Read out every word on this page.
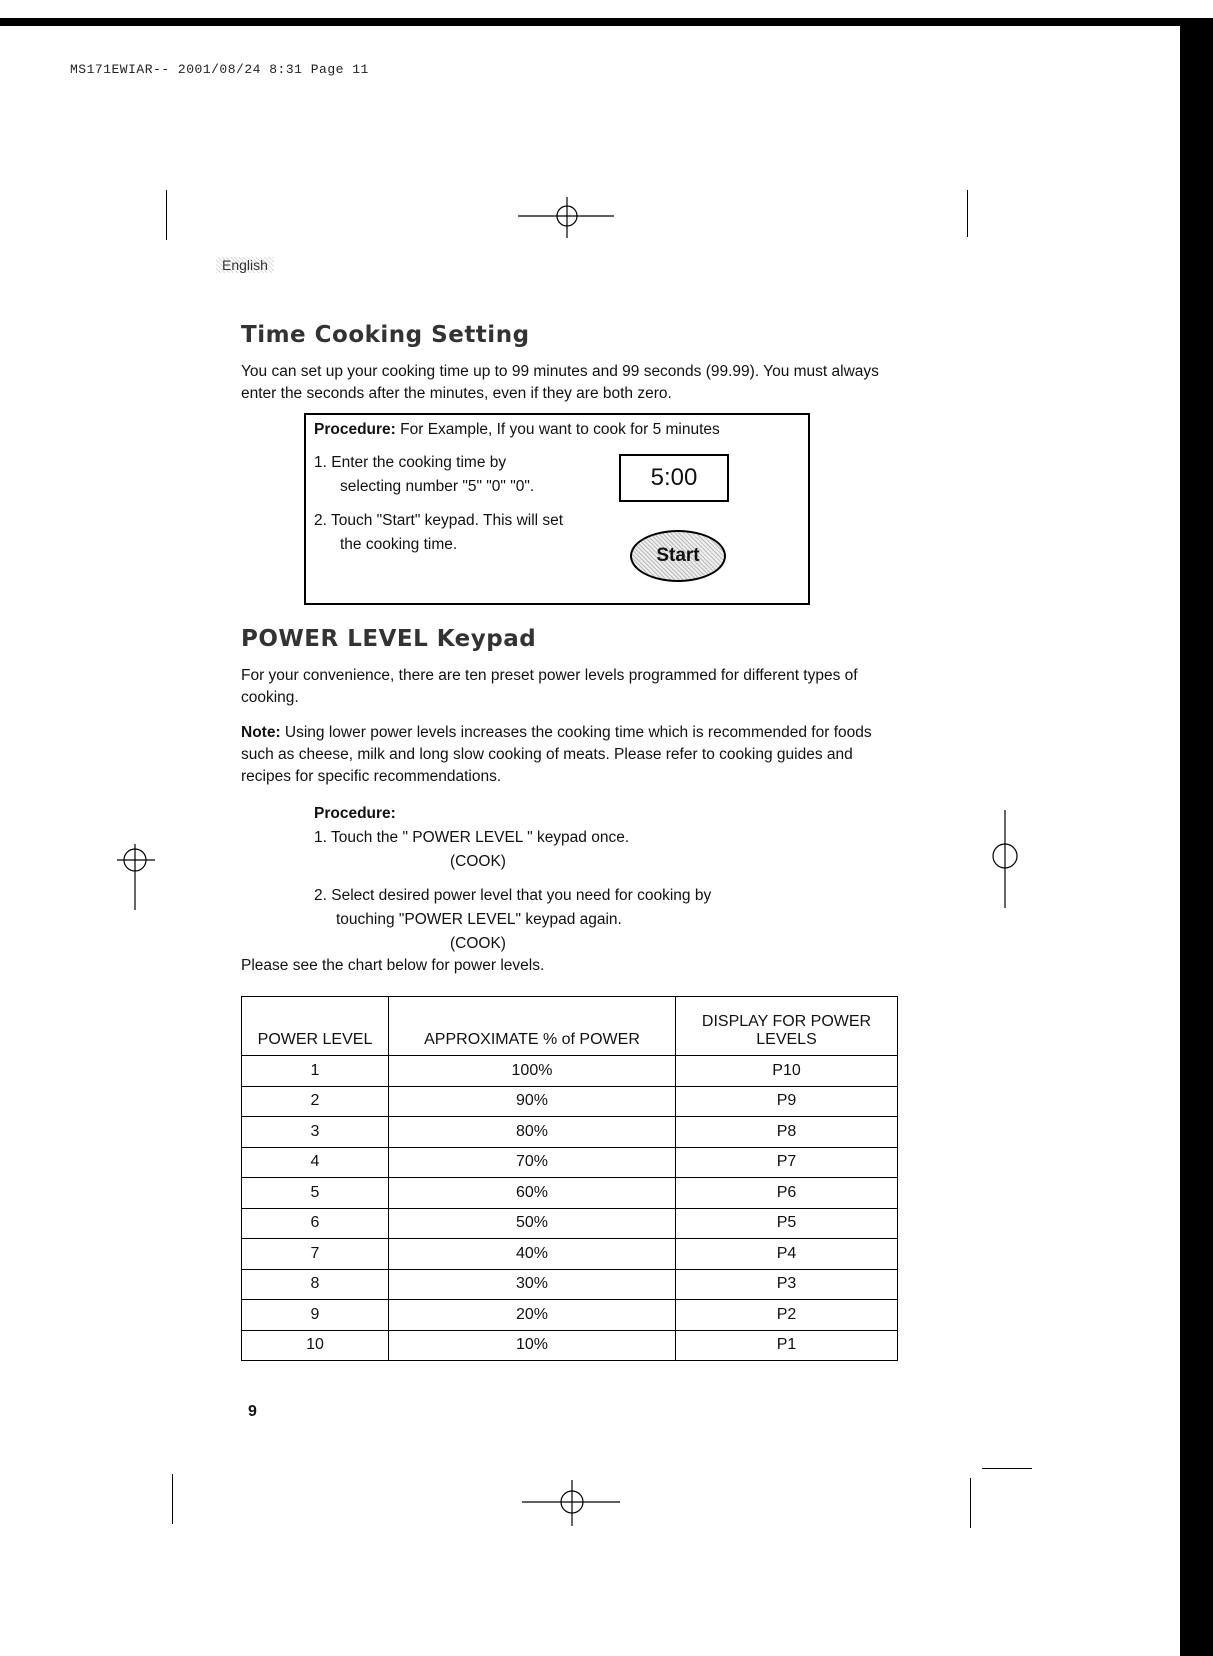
MS171EWIAR-- 2001/08/24 8:31 Page 11
English
Time Cooking Setting
You can set up your cooking time up to 99 minutes and 99 seconds (99.99). You must always enter the seconds after the minutes, even if they are both zero.
Procedure: For Example, If you want to cook for 5 minutes
1. Enter the cooking time by
selecting number "5" "0" "0".	5:00
2. Touch "Start" keypad. This will set
the cooking time.
Start
POWER LEVEL Keypad
For your convenience, there are ten preset power levels programmed for different types of cooking.
Note: Using lower power levels increases the cooking time which is recommended for foods such as cheese, milk and long slow cooking of meats. Please refer to cooking guides and recipes for specific recommendations.
Procedure:
1. Touch the " POWER LEVEL " keypad once.
(COOK)
2. Select desired power level that you need for cooking by
touching "POWER LEVEL" keypad again.
(COOK)
Please see the chart below for power levels.
POWER LEVEL	APPROXIMATE % of POWER	DISPLAY FOR POWER LEVELS
1	100%	P10
2	90%	P9
3	80%	P8
4	70%	P7
5	60%	P6
6	50%	P5
7	40%	P4
8	30%	P3
9	20%	P2
10	10%	P1
9
